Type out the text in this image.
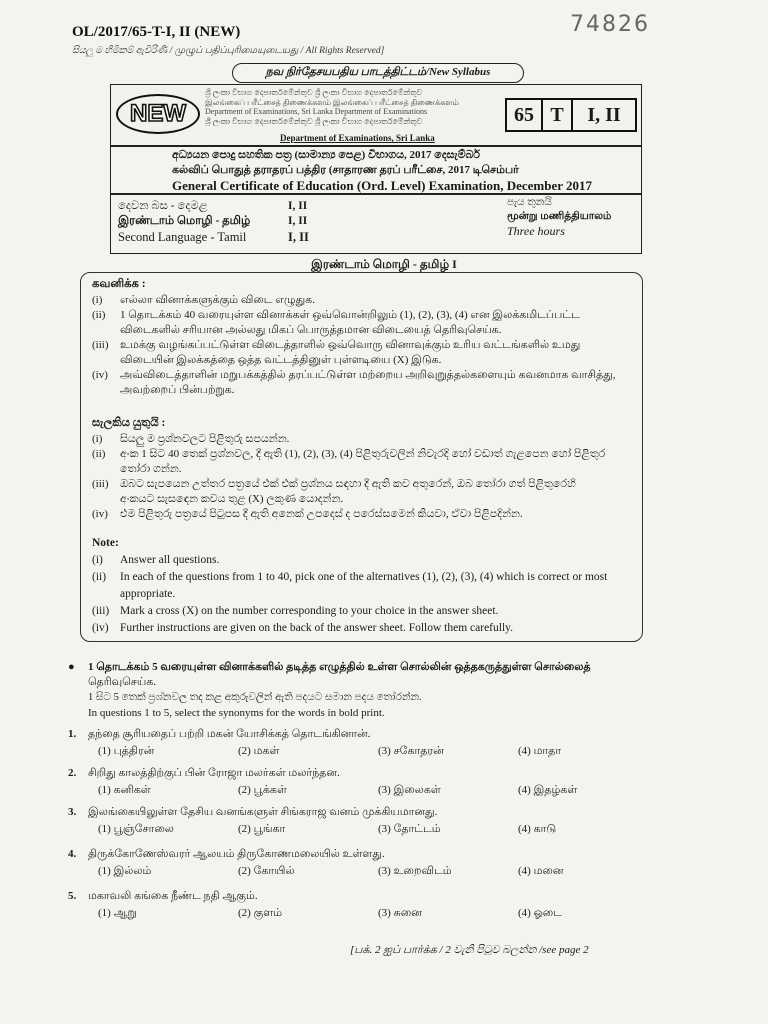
74826
OL/2017/65-T-I, II (NEW)
සියලු ම හිමිකම් ඇවිරිණි / முழுப் பதிப்புரிமையுடையது / All Rights Reserved]
நவ நிர்தேசயபதிய பாடத்திட்டம்/New Syllabus
NEW
ශ්‍රී ලංකා විභාග දෙපාර්තමේන්තුව ශ්‍රී ලංකා විභාග දෙපාර්තමේන්තුව
இலங்கைப் பரீட்சைத் திணைக்களம் இலங்கைப் பரீட்சைத் திணைக்களம்
Department of Examinations, Sri Lanka Department of Examinations
ශ්‍රී ලංකා විභාග දෙපාර්තමේන්තුව ශ්‍රී ලංකා විභාග දෙපාර්තමේන්තුව
Department of Examinations, Sri Lanka
65 T	I, II
අධ්‍යයන පොදු සහතික පත්‍ර (සාමාන්‍ය පෙළ) විභාගය, 2017 දෙසැම්බර්
கல்விப் பொதுத் தராதரப் பத்திர (சாதாரண தரப் பரீட்சை, 2017 டிசெம்பர்
General Certificate of Education (Ord. Level) Examination, December 2017
දෙවන බස - දෙමළ	I, II
இரண்டாம் மொழி - தமிழ்	I, II
Second Language - Tamil	I, II
පැය තුනයි
மூன்று மணித்தியாலம்
Three hours
இரண்டாம் மொழி - தமிழ் I
கவனிக்க :
(i) எல்லா வினாக்களுக்கும் விடை எழுதுக.
(ii) 1 தொடக்கம் 40 வரையுள்ள வினாக்கள் ஒவ்வொன்றிலும் (1), (2), (3), (4) என இலக்கமிடப்பட்ட
விடைகளில் சரியான அல்லது மிகப் பொருத்தமான விடையைத் தெரிவுசெய்க.
(iii) உமக்கு வழங்கப்பட்டுள்ள விடைத்தாளில் ஒவ்வொரு வினாவுக்கும் உரிய வட்டங்களில் உமது
விடையின் இலக்கத்தை ஒத்த வட்டத்தினுள் புள்ளடியை (X) இடுக.
(iv) அவ்விடைத்தாளின் மறுபக்கத்தில் தரப்பட்டுள்ள மற்றைய அறிவுறுத்தல்களையும் கவனமாக வாசித்து,
அவற்றைப் பின்பற்றுக.
සැලකිය යුතුයි :
(i) සියලු ම ප්‍රශ්නවලට පිළිතුරු සපයන්න.
(ii) අංක 1 සිට 40 තෙක් ප්‍රශ්නවල, දී ඇති (1), (2), (3), (4) පිළිතුරුවලින් නිවැරදි හෝ වඩාත් ගැළපෙන හෝ පිළිතුර
තෝරා ගන්න.
(iii) ඔබට සැපයෙන උත්තර පත්‍රයේ එක් එක් ප්‍රශ්නය සඳහා දී ඇති කව අතුරෙන්, ඔබ තෝරා ගත් පිළිතුරෙහි
අංකයට සැසඳෙන කවය තුළ (X) ලකුණ යොදන්න.
(iv) එම පිළිතුරු පත්‍රයේ පිටුපස දී ඇති අනෙක් උපදෙස් ද පරෙස්සමෙන් කියවා, ඒවා පිළිපදින්න.
Note:
(i) Answer all questions.
(ii) In each of the questions from 1 to 40, pick one of the alternatives (1), (2), (3), (4) which is correct or most
appropriate.
(iii) Mark a cross (X) on the number corresponding to your choice in the answer sheet.
(iv) Further instructions are given on the back of the answer sheet. Follow them carefully.
● 1 தொடக்கம் 5 வரையுள்ள வினாக்களில் தடித்த எழுத்தில் உள்ள சொல்லின் ஒத்தகருத்துள்ள சொல்லைத்
தெரிவுசெய்க.
1 සිට 5 තෙක් ප්‍රශ්නවල තද කළ අකුරුවලින් ඇති පදයට සමාන පදය තෝරන්න.
In questions 1 to 5, select the synonyms for the words in bold print.
1. தந்தை சூரியதைப் பற்றி மகன் யோசிக்கத் தொடங்கினான்.
(1) புத்திரன்	(2) மகள்	(3) சகோதரன்	(4) மாதா
2. சிறிது காலத்திற்குப் பின் ரோஜா மலர்கள் மலர்ந்தன.
(1) கனிகள்	(2) பூக்கள்	(3) இலைகள்	(4) இதழ்கள்
3. இலங்கையிலுள்ள தேசிய வனங்களுள் சிங்கராஜ வனம் முக்கியமானது.
(1) பூஞ்சோலை	(2) பூங்கா	(3) தோட்டம்	(4) காடு
4. திருக்கோணேஸ்வரர் ஆலயம் திருகோணமலையில் உள்ளது.
(1) இல்லம்	(2) கோயில்	(3) உறைவிடம்	(4) மனை
5. மகாவலி கங்கை நீண்ட நதி ஆகும்.
(1) ஆறு	(2) குளம்	(3) சுனை	(4) ஓடை
[பக். 2 ஐப் பார்க்க / 2 වැනි පිටුව බලන්න /see page 2
